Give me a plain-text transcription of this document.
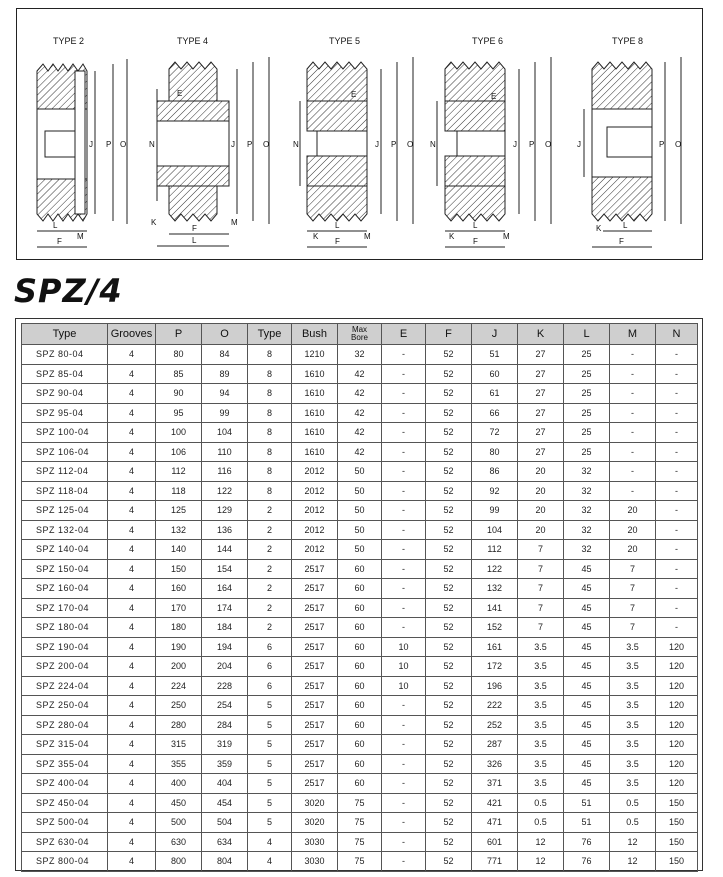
TYPE 2
J P O
L
M
F
TYPE 4
N
E
J P O
K
F
M
L
TYPE 5
N
E
J P O
K
L
M
F
TYPE 6
N
E
J P O
K
L
M
F
TYPE 8
J	P O
K	L
F
SPZ/4
Type	Grooves	P	O	Type	Bush	Max
Bore	E	F	J	K	L	M	N
SPZ 80-04	4	80	84	8	1210	32	-	52	51	27	25	-	-
SPZ 85-04	4	85	89	8	1610	42	-	52	60	27	25	-	-
SPZ 90-04	4	90	94	8	1610	42	-	52	61	27	25	-	-
SPZ 95-04	4	95	99	8	1610	42	-	52	66	27	25	-	-
SPZ 100-04	4	100	104	8	1610	42	-	52	72	27	25	-	-
SPZ 106-04	4	106	110	8	1610	42	-	52	80	27	25	-	-
SPZ 112-04	4	112	116	8	2012	50	-	52	86	20	32	-	-
SPZ 118-04	4	118	122	8	2012	50	-	52	92	20	32	-	-
SPZ 125-04	4	125	129	2	2012	50	-	52	99	20	32	20	-
SPZ 132-04	4	132	136	2	2012	50	-	52	104	20	32	20	-
SPZ 140-04	4	140	144	2	2012	50	-	52	112	7	32	20	-
SPZ 150-04	4	150	154	2	2517	60	-	52	122	7	45	7	-
SPZ 160-04	4	160	164	2	2517	60	-	52	132	7	45	7	-
SPZ 170-04	4	170	174	2	2517	60	-	52	141	7	45	7	-
SPZ 180-04	4	180	184	2	2517	60	-	52	152	7	45	7	-
SPZ 190-04	4	190	194	6	2517	60	10	52	161	3.5	45	3.5	120
SPZ 200-04	4	200	204	6	2517	60	10	52	172	3.5	45	3.5	120
SPZ 224-04	4	224	228	6	2517	60	10	52	196	3.5	45	3.5	120
SPZ 250-04	4	250	254	5	2517	60	-	52	222	3.5	45	3.5	120
SPZ 280-04	4	280	284	5	2517	60	-	52	252	3.5	45	3.5	120
SPZ 315-04	4	315	319	5	2517	60	-	52	287	3.5	45	3.5	120
SPZ 355-04	4	355	359	5	2517	60	-	52	326	3.5	45	3.5	120
SPZ 400-04	4	400	404	5	2517	60	-	52	371	3.5	45	3.5	120
SPZ 450-04	4	450	454	5	3020	75	-	52	421	0.5	51	0.5	150
SPZ 500-04	4	500	504	5	3020	75	-	52	471	0.5	51	0.5	150
SPZ 630-04	4	630	634	4	3030	75	-	52	601	12	76	12	150
SPZ 800-04	4	800	804	4	3030	75	-	52	771	12	76	12	150
